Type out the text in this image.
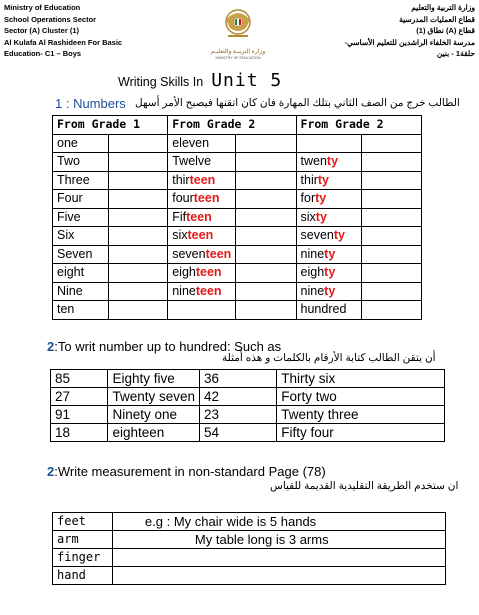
Ministry of Education
School Operations Sector
Sector (A) Cluster (1)
Al Kulafa Al Rashideen For Basic
Education- C1 – Boys	وزارة التربيـة والتعليـم
MINISTRY OF EDUCATION
وزارة التربية والتعليم
قطاع العمليات المدرسية
قطاع (A) نطاق (1)
مدرسة الخلفاء الراشدين للتعليم الأساسي-
حلقة1 - بنين
Writing Skills In Unit 5
1 : Numbers الطالب خرج من الصف الثاني بتلك المهارة فان كان اتقنها فيصبح الأمر أسهل
From Grade 1		From Grade 2		From Grade 2	
one		eleven			
Two		Twelve		twenty	
Three		thirteen		thirty	
Four		fourteen		forty	
Five		Fifteen		sixty	
Six		sixteen		seventy	
Seven		seventeen		ninety	
eight		eighteen		eighty	
Nine		nineteen		ninety	
ten				hundred	
2:To writ number up to hundred: Such as
أن يتقن الطالب كتابة الأرقام بالكلمات و هذه أمثلة
85	Eighty five	36	Thirty six
27	Twenty seven	42	Forty two
91	Ninety one	23	Twenty three
18	eighteen	54	Fifty four
2:Write measurement in non-standard Page (78)
ان ستخدم الطريقة التقليدية القديمة للقياس
feet	e.g : My chair wide is 5 hands
arm	My table long is 3 arms
finger	
hand	
